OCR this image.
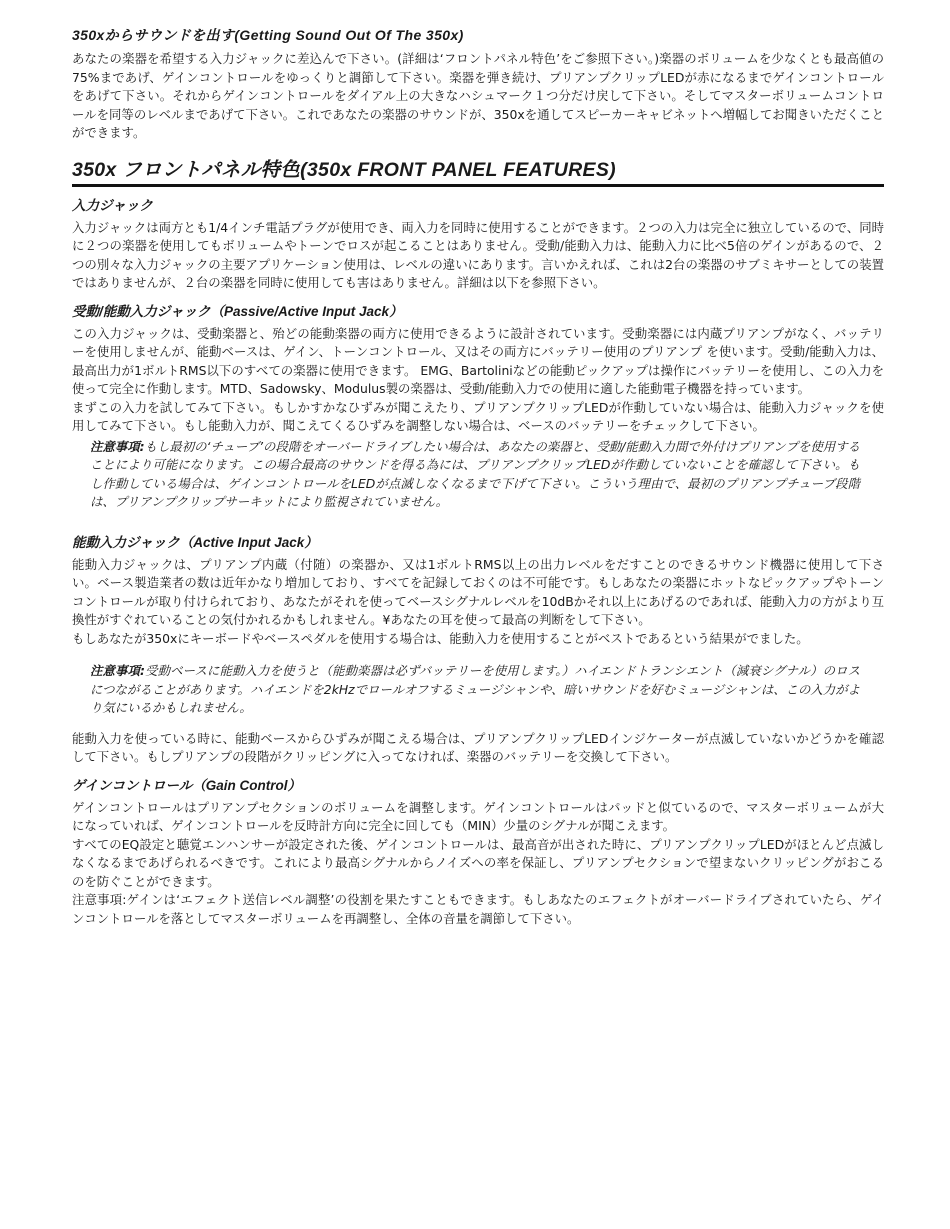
350xからサウンドを出す(Getting Sound Out Of The 350x)

あなたの楽器を希望する入力ジャックに差込んで下さい。(詳細は‘フロントパネル特色’をご参照下さい。)楽器のボリュームを少なくとも最高値の75%まであげ、ゲインコントロールをゆっくりと調節して下さい。楽器を弾き続け、プリアンプクリップLEDが赤になるまでゲインコントロールをあげて下さい。それからゲインコントロールをダイアル上の大きなハシュマーク１つ分だけ戻して下さい。そしてマスターボリュームコントロールを同等のレベルまであげて下さい。これであなたの楽器のサウンドが、350xを通してスピーカーキャビネットへ増幅してお聞きいただくことができます。

350x フロントパネル特色(350x FRONT PANEL FEATURES)
入力ジャック

入力ジャックは両方とも1/4インチ電話プラグが使用でき、両入力を同時に使用することができます。２つの入力は完全に独立しているので、同時に２つの楽器を使用してもボリュームやトーンでロスが起こることはありません。受動/能動入力は、能動入力に比べ5倍のゲインがあるので、２つの別々な入力ジャックの主要アプリケーション使用は、レベルの違いにあります。言いかえれば、これは2台の楽器のサブミキサーとしての装置ではありませんが、２台の楽器を同時に使用しても害はありません。詳細は以下を参照下さい。

受動/能動入力ジャック（Passive/Active Input Jack）

この入力ジャックは、受動楽器と、殆どの能動楽器の両方に使用できるように設計されています。受動楽器には内蔵プリアンプがなく、バッテリーを使用しませんが、能動ベースは、ゲイン、トーンコントロール、又はその両方にバッテリー使用のプリアンプ を使います。受動/能動入力は、最高出力が1ボルトRMS以下のすべての楽器に使用できます。 EMG、Bartoliniなどの能動ピックアップは操作にバッテリーを使用し、この入力を使って完全に作動します。MTD、Sadowsky、Modulus製の楽器は、受動/能動入力での使用に適した能動電子機器を持っています。

まずこの入力を試してみて下さい。もしかすかなひずみが聞こえたり、プリアンプクリップLEDが作動していない場合は、能動入力ジャックを使用してみて下さい。もし能動入力が、聞こえてくるひずみを調整しない場合は、ベースのバッテリーをチェックして下さい。

注意事項:もし最初の‘チューブ’の段階をオーバードライブしたい場合は、あなたの楽器と、受動/能動入力間で外付けプリアンプを使用することにより可能になります。この場合最高のサウンドを得る為には、プリアンプクリップLEDが作動していないことを確認して下さい。もし作動している場合は、ゲインコントロールをLEDが点滅しなくなるまで下げて下さい。こういう理由で、最初のプリアンプチューブ段階は、プリアンプクリップサーキットにより監視されていません。

能動入力ジャック（Active Input Jack）

能動入力ジャックは、プリアンプ内蔵（付随）の楽器か、又は1ボルトRMS以上の出力レベルをだすことのできるサウンド機器に使用して下さい。ベース製造業者の数は近年かなり増加しており、すべてを記録しておくのは不可能です。もしあなたの楽器にホットなピックアップやトーンコントロールが取り付けられており、あなたがそれを使ってベースシグナルレベルを10dBかそれ以上にあげるのであれば、能動入力の方がより互換性がすぐれていることの気付かれるかもしれません。¥あなたの耳を使って最高の判断をして下さい。

もしあなたが350xにキーボードやベースペダルを使用する場合は、能動入力を使用することがベストであるという結果がでました。

注意事項:受動ベースに能動入力を使うと（能動楽器は必ずバッテリーを使用します。）ハイエンドトランシエント（減衰シグナル）のロスにつながることがあります。ハイエンドを2kHzでロールオフするミュージシャンや、暗いサウンドを好むミュージシャンは、この入力がより気にいるかもしれません。

能動入力を使っている時に、能動ベースからひずみが聞こえる場合は、プリアンプクリップLEDインジケーターが点滅していないかどうかを確認して下さい。もしプリアンプの段階がクリッピングに入ってなければ、楽器のバッテリーを交換して下さい。

ゲインコントロール（Gain Control）

ゲインコントロールはプリアンプセクションのボリュームを調整します。ゲインコントロールはパッドと似ているので、マスターボリュームが大になっていれば、ゲインコントロールを反時計方向に完全に回しても（MIN）少量のシグナルが聞こえます。

すべてのEQ設定と聴覚エンハンサーが設定された後、ゲインコントロールは、最高音が出された時に、プリアンプクリップLEDがほとんど点滅しなくなるまであげられるべきです。これにより最高シグナルからノイズへの率を保証し、プリアンプセクションで望まないクリッピングがおこるのを防ぐことができます。

注意事項:ゲインは‘エフェクト送信レベル調整’の役割を果たすこともできます。もしあなたのエフェクトがオーバードライブされていたら、ゲインコントロールを落としてマスターボリュームを再調整し、全体の音量を調節して下さい。
